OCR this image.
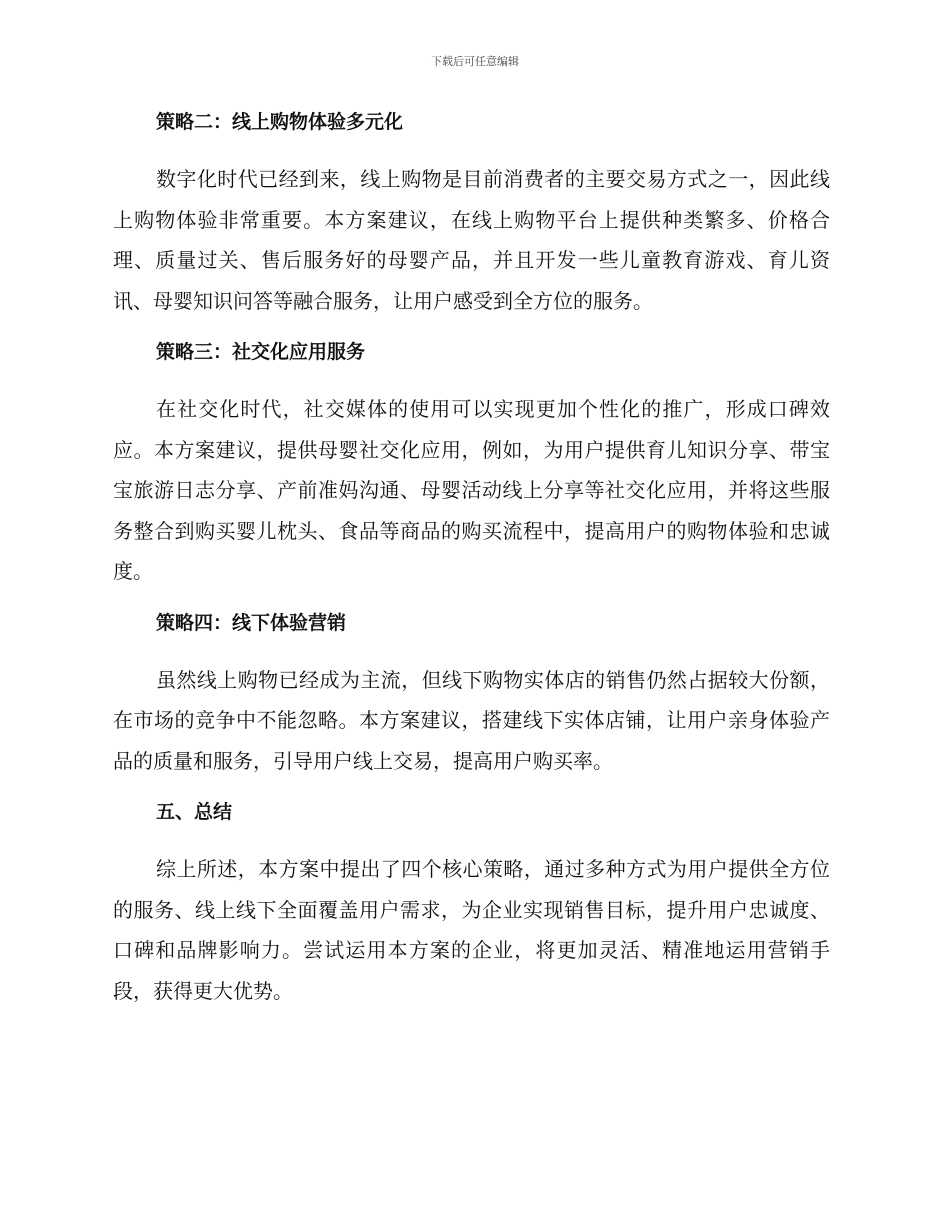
下载后可任意编辑
策略二：线上购物体验多元化

数字化时代已经到来，线上购物是目前消费者的主要交易方式之一，因此线上购物体验非常重要。本方案建议，在线上购物平台上提供种类繁多、价格合理、质量过关、售后服务好的母婴产品，并且开发一些儿童教育游戏、育儿资讯、母婴知识问答等融合服务，让用户感受到全方位的服务。

策略三：社交化应用服务

在社交化时代，社交媒体的使用可以实现更加个性化的推广，形成口碑效应。本方案建议，提供母婴社交化应用，例如，为用户提供育儿知识分享、带宝宝旅游日志分享、产前准妈沟通、母婴活动线上分享等社交化应用，并将这些服务整合到购买婴儿枕头、食品等商品的购买流程中，提高用户的购物体验和忠诚度。

策略四：线下体验营销

虽然线上购物已经成为主流，但线下购物实体店的销售仍然占据较大份额，在市场的竞争中不能忽略。本方案建议，搭建线下实体店铺，让用户亲身体验产品的质量和服务，引导用户线上交易，提高用户购买率。

五、总结

综上所述，本方案中提出了四个核心策略，通过多种方式为用户提供全方位的服务、线上线下全面覆盖用户需求，为企业实现销售目标，提升用户忠诚度、口碑和品牌影响力。尝试运用本方案的企业，将更加灵活、精准地运用营销手段，获得更大优势。
